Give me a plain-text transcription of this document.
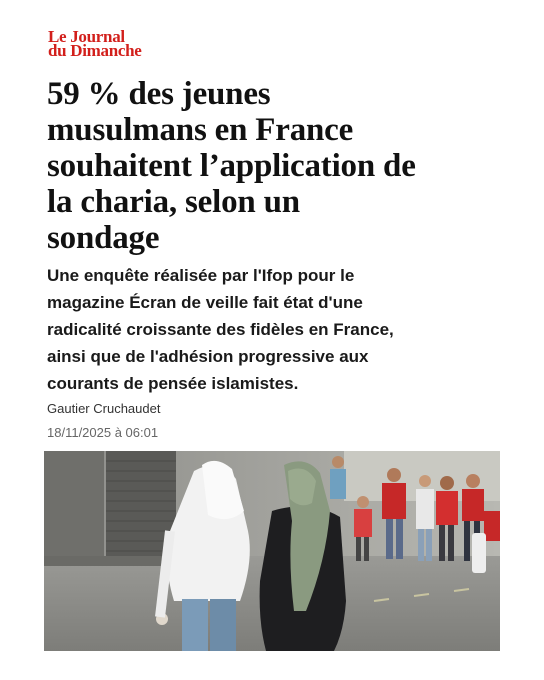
Le Journal
du Dimanche
59 % des jeunes
musulmans en France
souhaitent l’application de
la charia, selon un
sondage

Une enquête réalisée par l'Ifop pour le
magazine Écran de veille fait état d'une
radicalité croissante des fidèles en France,
ainsi que de l'adhésion progressive aux
courants de pensée islamistes.

Gautier Cruchaudet
18/11/2025 à 06:01
